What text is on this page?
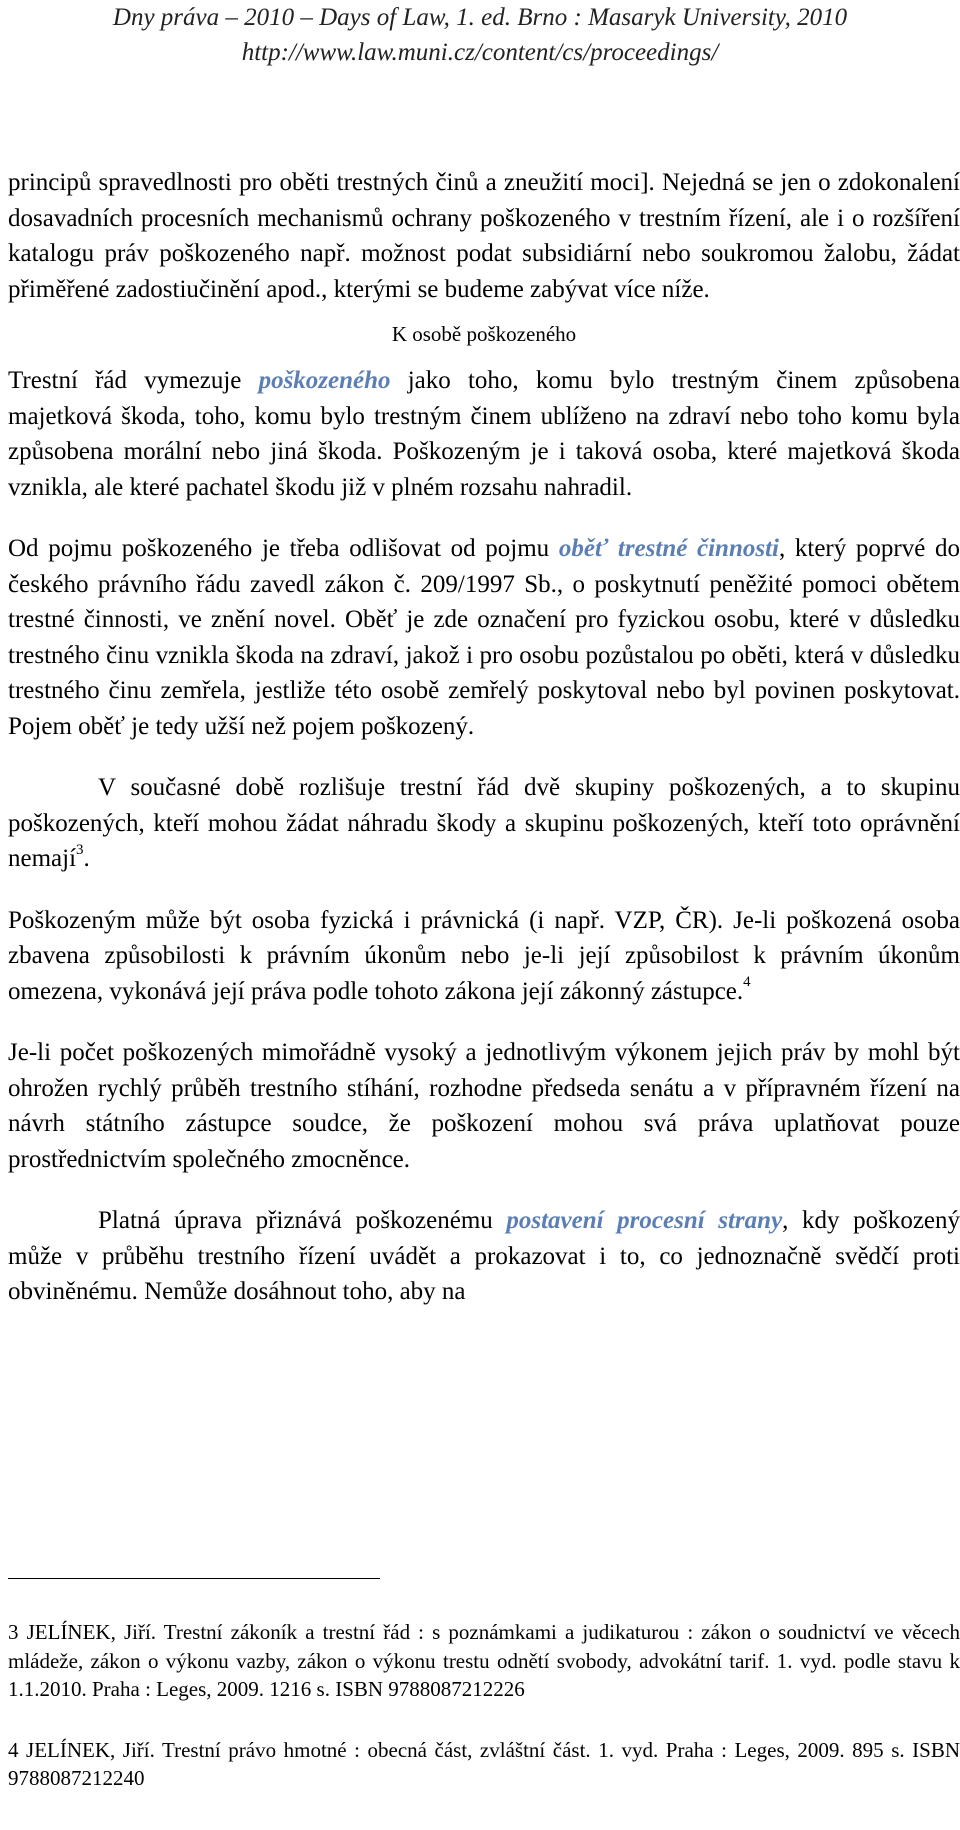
Dny práva – 2010 – Days of Law, 1. ed. Brno : Masaryk University, 2010
http://www.law.muni.cz/content/cs/proceedings/

principů spravedlnosti pro oběti trestných činů a zneužití moci]. Nejedná se jen o zdokonalení dosavadních procesních mechanismů ochrany poškozeného v trestním řízení, ale i o rozšíření katalogu práv poškozeného např. možnost podat subsidiární nebo soukromou žalobu, žádat přiměřené zadostiučinění apod., kterými se budeme zabývat více níže.

K osobě poškozeného

Trestní řád vymezuje poškozeného jako toho, komu bylo trestným činem způsobena majetková škoda, toho, komu bylo trestným činem ublíženo na zdraví nebo toho komu byla způsobena morální nebo jiná škoda. Poškozeným je i taková osoba, které majetková škoda vznikla, ale které pachatel škodu již v plném rozsahu nahradil.

Od pojmu poškozeného je třeba odlišovat od pojmu oběť trestné činnosti, který poprvé do českého právního řádu zavedl zákon č. 209/1997 Sb., o poskytnutí peněžité pomoci obětem trestné činnosti, ve znění novel. Oběť je zde označení pro fyzickou osobu, které v důsledku trestného činu vznikla škoda na zdraví, jakož i pro osobu pozůstalou po oběti, která v důsledku trestného činu zemřela, jestliže této osobě zemřelý poskytoval nebo byl povinen poskytovat. Pojem oběť je tedy užší než pojem poškozený.

V současné době rozlišuje trestní řád dvě skupiny poškozených, a to skupinu poškozených, kteří mohou žádat náhradu škody a skupinu poškozených, kteří toto oprávnění nemají$^3$.

Poškozeným může být osoba fyzická i právnická (i např. VZP, ČR). Je-li poškozená osoba zbavena způsobilosti k právním úkonům nebo je-li její způsobilost k právním úkonům omezena, vykonává její práva podle tohoto zákona její zákonný zástupce.$^4$

Je-li počet poškozených mimořádně vysoký a jednotlivým výkonem jejich práv by mohl být ohrožen rychlý průběh trestního stíhání, rozhodne předseda senátu a v přípravném řízení na návrh státního zástupce soudce, že poškození mohou svá práva uplatňovat pouze prostřednictvím společného zmocněnce.

Platná úprava přiznává poškozenému postavení procesní strany, kdy poškozený může v průběhu trestního řízení uvádět a prokazovat i to, co jednoznačně svědčí proti obviněnému. Nemůže dosáhnout toho, aby na

3 JELÍNEK, Jiří. Trestní zákoník a trestní řád : s poznámkami a judikaturou : zákon o soudnictví ve věcech mládeže, zákon o výkonu vazby, zákon o výkonu trestu odnětí svobody, advokátní tarif. 1. vyd. podle stavu k 1.1.2010. Praha : Leges, 2009. 1216 s. ISBN 9788087212226

4 JELÍNEK, Jiří. Trestní právo hmotné : obecná část, zvláštní část. 1. vyd. Praha : Leges, 2009. 895 s. ISBN 9788087212240
